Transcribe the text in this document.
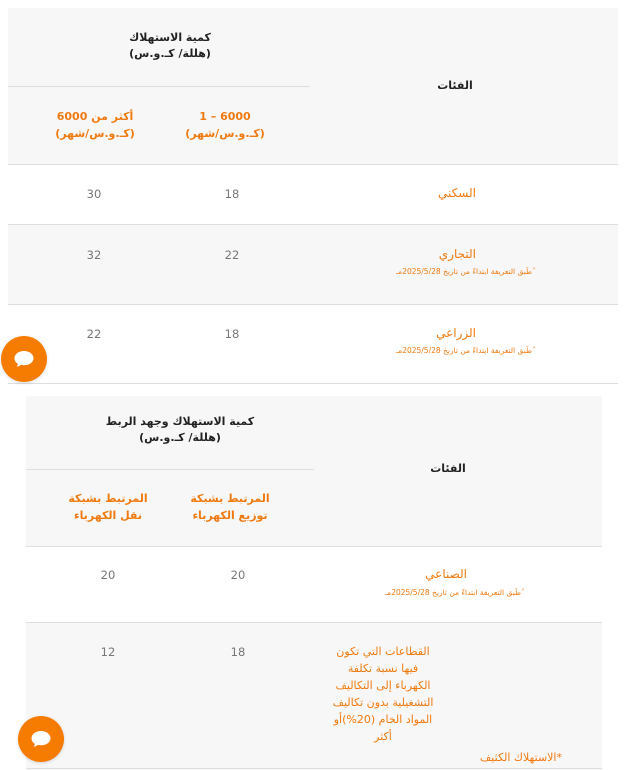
كمية الاستهلاك
(هللة/ كـ.و.س)
الفئات
أكثر من 6000
(كـ.و.س/شهر)
1 – 6000
(كـ.و.س/شهر)
السكني
18
30
التجاري
ُطَبق التعريفة ابتداءً من تاريخ 2025/5/28مـ
22
32
الزراعي
ُطَبق التعريفة ابتداءً من تاريخ 2025/5/28مـ
18
22
كمية الاستهلاك وجهد الربط
(هللة/ كـ.و.س)
الفئات
المرتبط بشبكة
نقل الكهرباء
المرتبط بشبكة
توزيع الكهرباء
الصناعي
ُطَبق التعريفة ابتداءً من تاريخ 2025/5/28مـ
20
20
القطاعات التي تكون
فيها نسبة تكلفة
الكهرباء إلى التكاليف
التشغيلية بدون تكاليف
المواد الخام (20%)أو
أكثر
الاستهلاك الكثيف*
18
12
